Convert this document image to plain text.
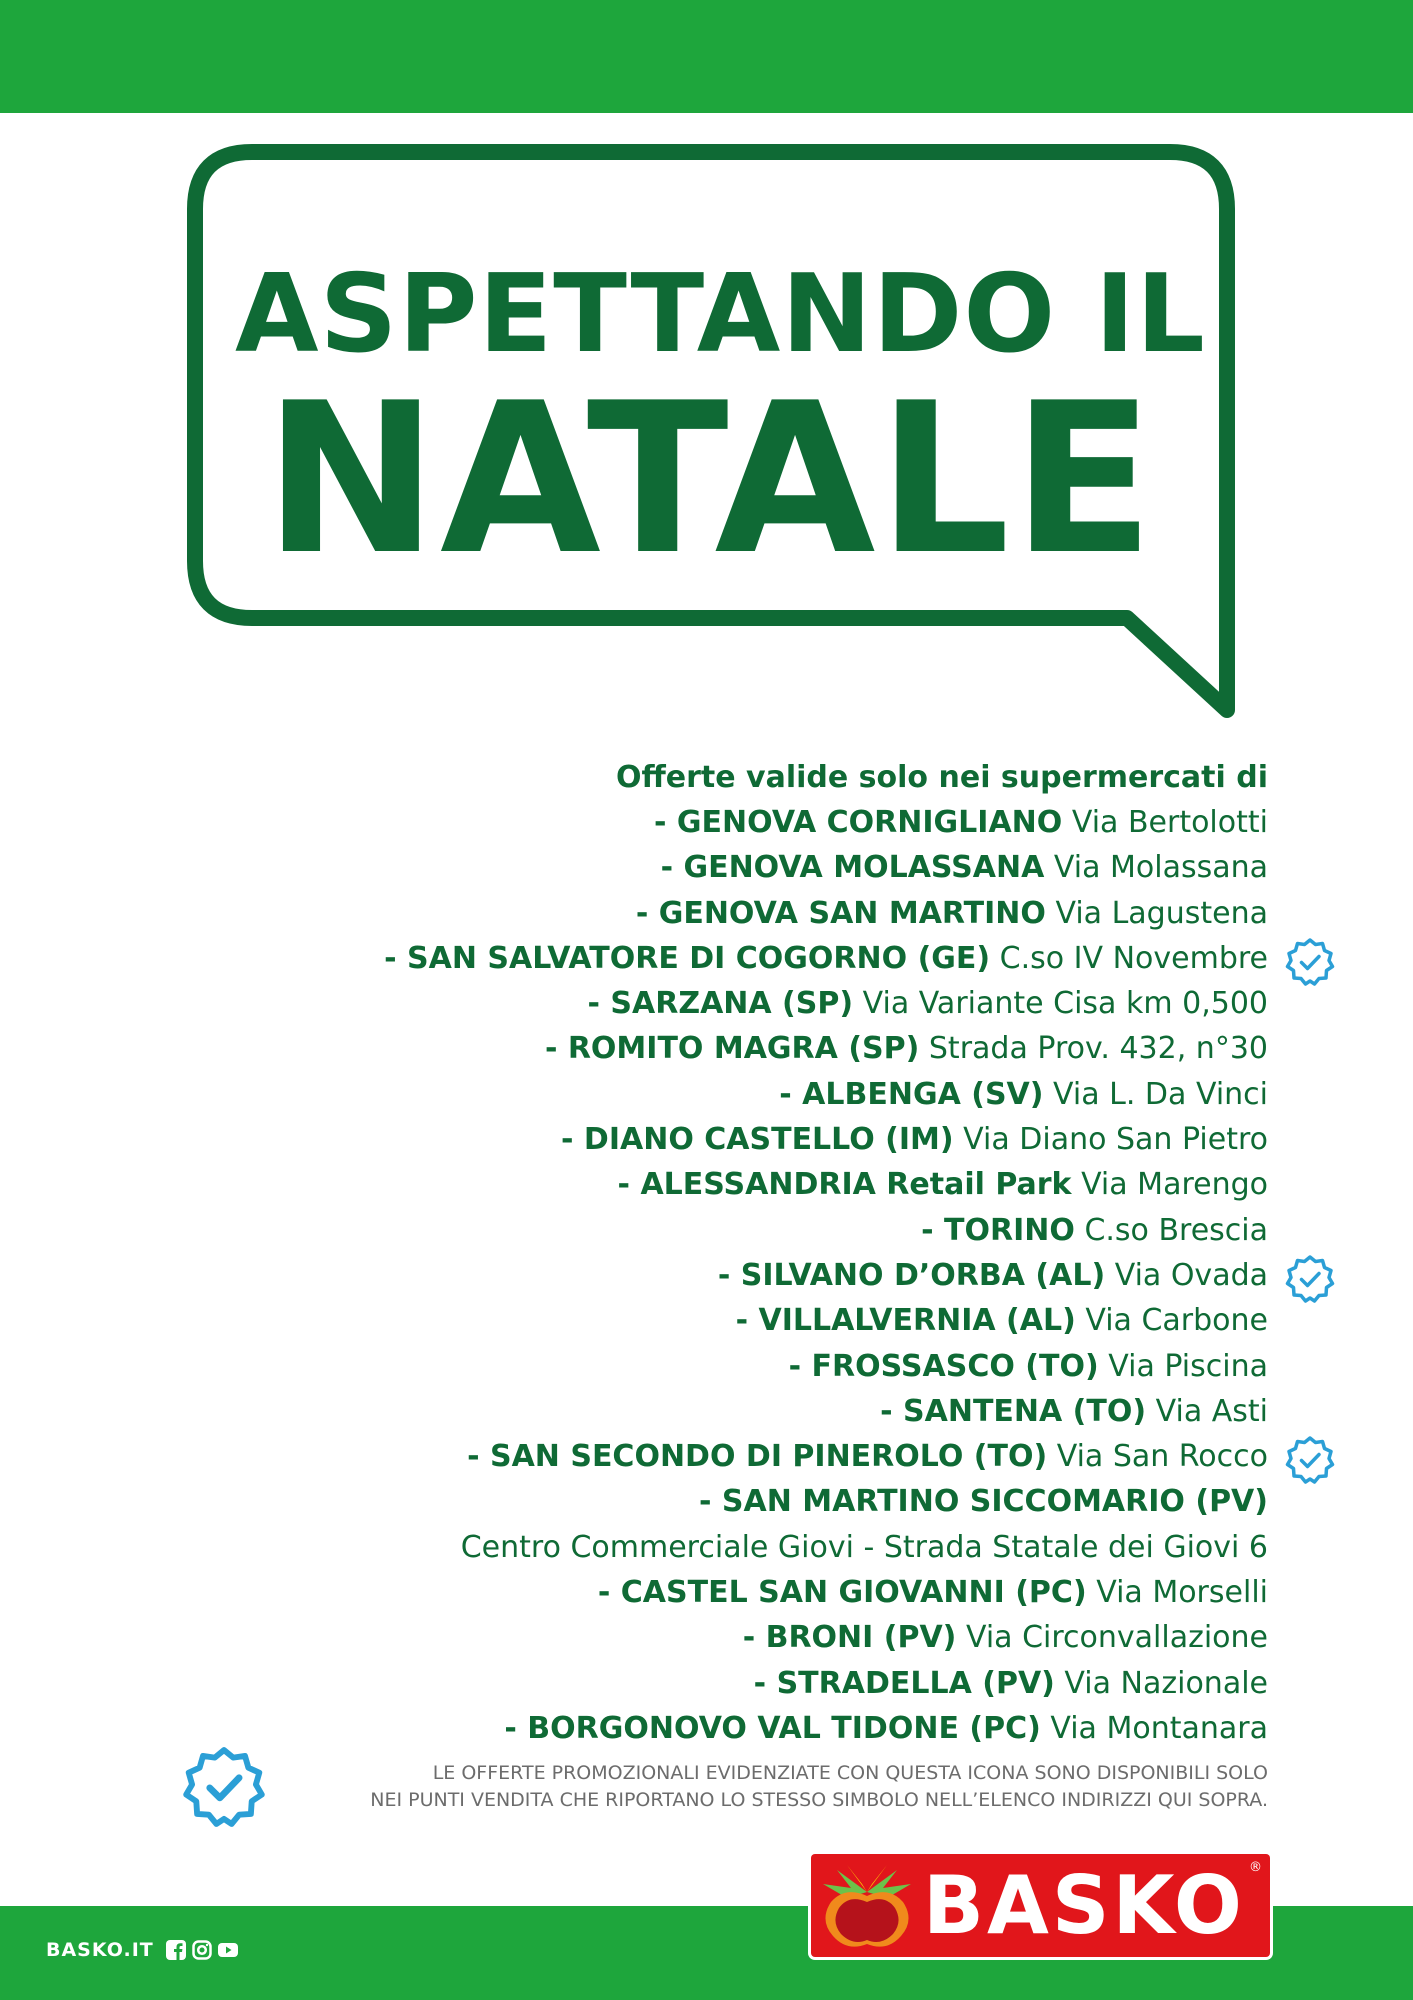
ASPETTANDO IL
NATALE
Offerte valide solo nei supermercati di
- GENOVA CORNIGLIANO Via Bertolotti
- GENOVA MOLASSANA Via Molassana
- GENOVA SAN MARTINO Via Lagustena
- SAN SALVATORE DI COGORNO (GE) C.so IV Novembre
- SARZANA (SP) Via Variante Cisa km 0,500
- ROMITO MAGRA (SP) Strada Prov. 432, n°30
- ALBENGA (SV) Via L. Da Vinci
- DIANO CASTELLO (IM) Via Diano San Pietro
- ALESSANDRIA Retail Park Via Marengo
- TORINO C.so Brescia
- SILVANO D’ORBA (AL) Via Ovada
- VILLALVERNIA (AL) Via Carbone
- FROSSASCO (TO) Via Piscina
- SANTENA (TO) Via Asti
- SAN SECONDO DI PINEROLO (TO) Via San Rocco
- SAN MARTINO SICCOMARIO (PV)
Centro Commerciale Giovi - Strada Statale dei Giovi 6
- CASTEL SAN GIOVANNI (PC) Via Morselli
- BRONI (PV) Via Circonvallazione
- STRADELLA (PV) Via Nazionale
- BORGONOVO VAL TIDONE (PC) Via Montanara
LE OFFERTE PROMOZIONALI EVIDENZIATE CON QUESTA ICONA SONO DISPONIBILI SOLO
NEI PUNTI VENDITA CHE RIPORTANO LO STESSO SIMBOLO NELL’ELENCO INDIRIZZI QUI SOPRA.
BASKO.IT	BASKO ®
